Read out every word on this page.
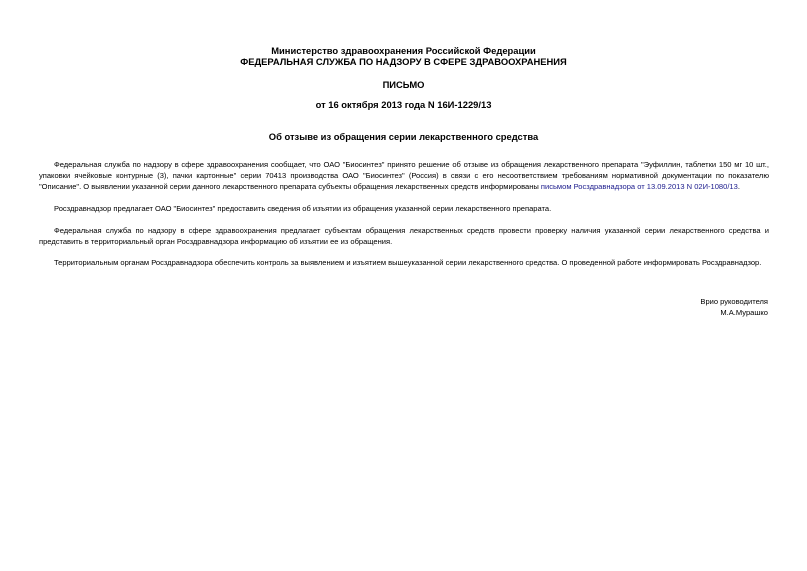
Министерство здравоохранения Российской Федерации
ФЕДЕРАЛЬНАЯ СЛУЖБА ПО НАДЗОРУ В СФЕРЕ ЗДРАВООХРАНЕНИЯ
ПИСЬМО
от 16 октября 2013 года N 16И-1229/13
Об отзыве из обращения серии лекарственного средства

Федеральная служба по надзору в сфере здравоохранения сообщает, что ОАО "Биосинтез" принято решение об отзыве из обращения лекарственного препарата "Эуфиллин, таблетки 150 мг 10 шт., упаковки ячейковые контурные (3), пачки картонные" серии 70413 производства ОАО "Биосинтез" (Россия) в связи с его несоответствием требованиям нормативной документации по показателю "Описание". О выявлении указанной серии данного лекарственного препарата субъекты обращения лекарственных средств информированы письмом Росздравнадзора от 13.09.2013 N 02И-1080/13.

Росздравнадзор предлагает ОАО "Биосинтез" предоставить сведения об изъятии из обращения указанной серии лекарственного препарата.

Федеральная служба по надзору в сфере здравоохранения предлагает субъектам обращения лекарственных средств провести проверку наличия указанной серии лекарственного средства и представить в территориальный орган Росздравнадзора информацию об изъятии ее из обращения.

Территориальным органам Росздравнадзора обеспечить контроль за выявлением и изъятием вышеуказанной серии лекарственного средства. О проведенной работе информировать Росздравнадзор.

Врио руководителя
М.А.Мурашко
